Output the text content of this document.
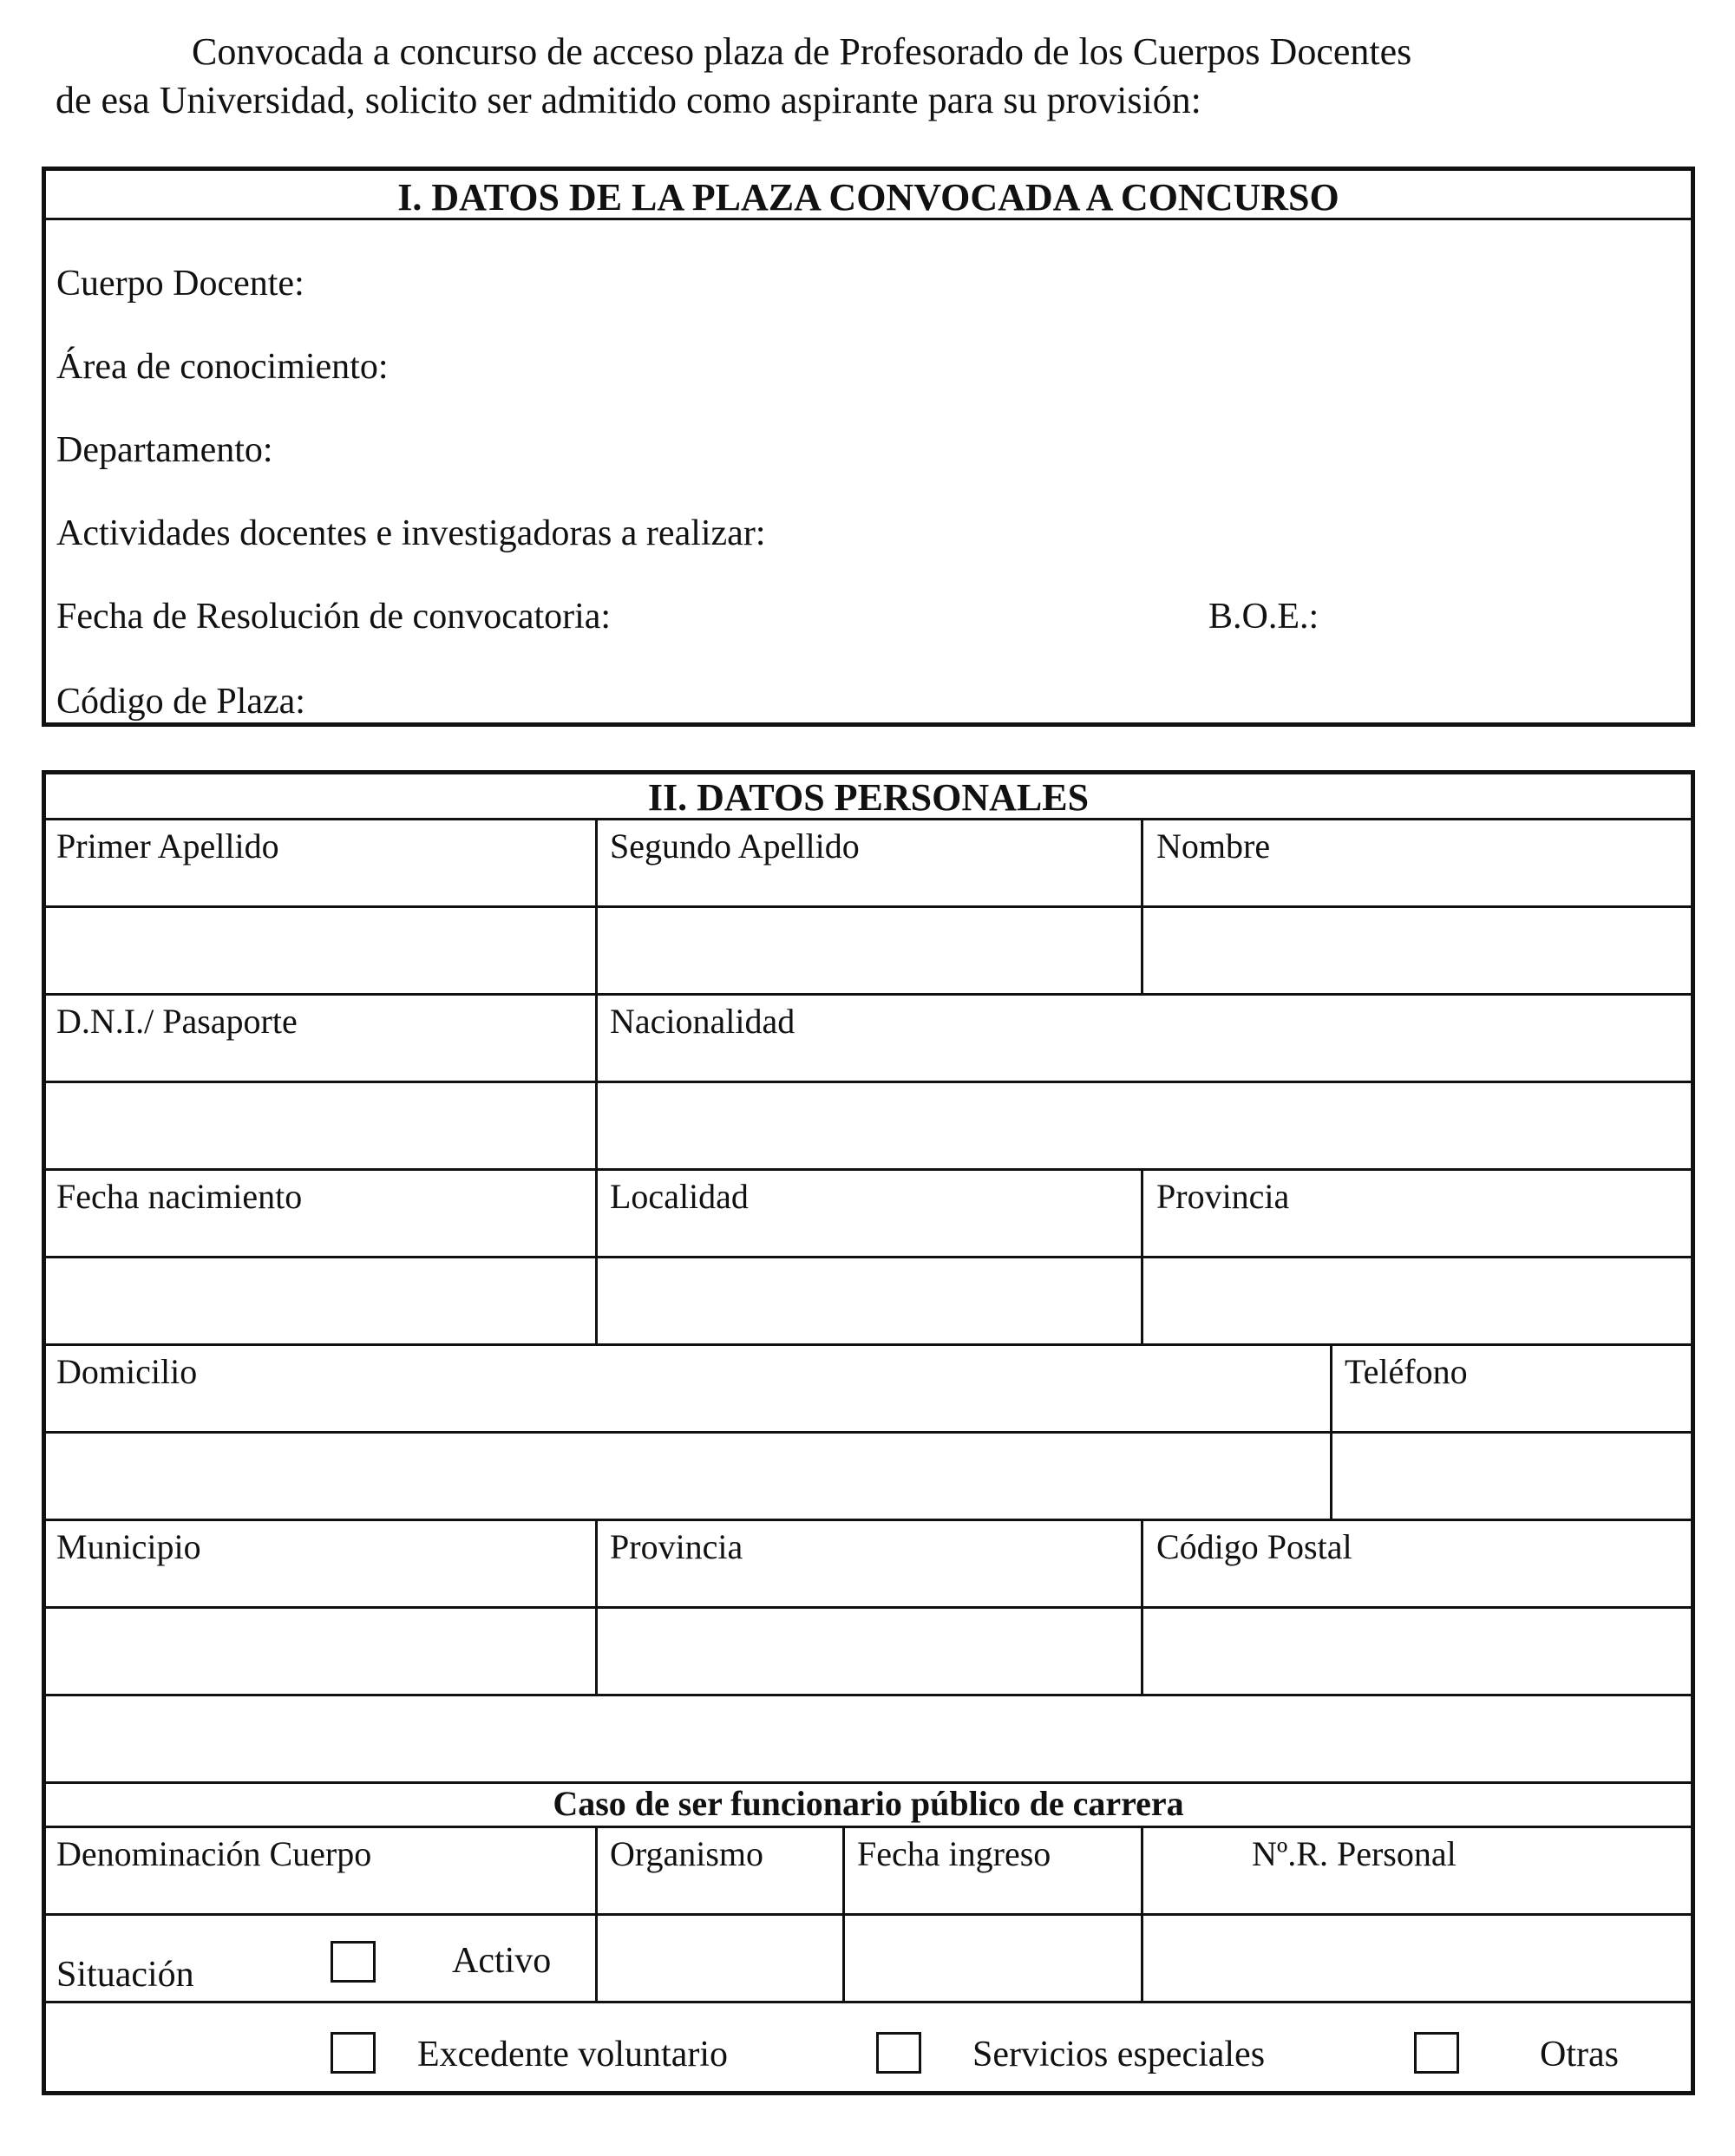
Convocada a concurso de acceso plaza de Profesorado de los Cuerpos Docentes
de esa Universidad, solicito ser admitido como aspirante para su provisión:
I. DATOS DE LA PLAZA CONVOCADA A CONCURSO
Cuerpo Docente:
Área de conocimiento:
Departamento:
Actividades docentes e investigadoras a realizar:
Fecha de Resolución de convocatoria:	B.O.E.:
Código de Plaza:
II. DATOS PERSONALES
Primer Apellido	Segundo Apellido	Nombre
D.N.I./ Pasaporte	Nacionalidad
Fecha nacimiento	Localidad	Provincia
Domicilio	Teléfono
Municipio	Provincia	Código Postal
Caso de ser funcionario público de carrera
Denominación Cuerpo	Organismo	Fecha ingreso	Nº.R. Personal
Situación	Activo
Excedente voluntario	Servicios especiales	Otras
